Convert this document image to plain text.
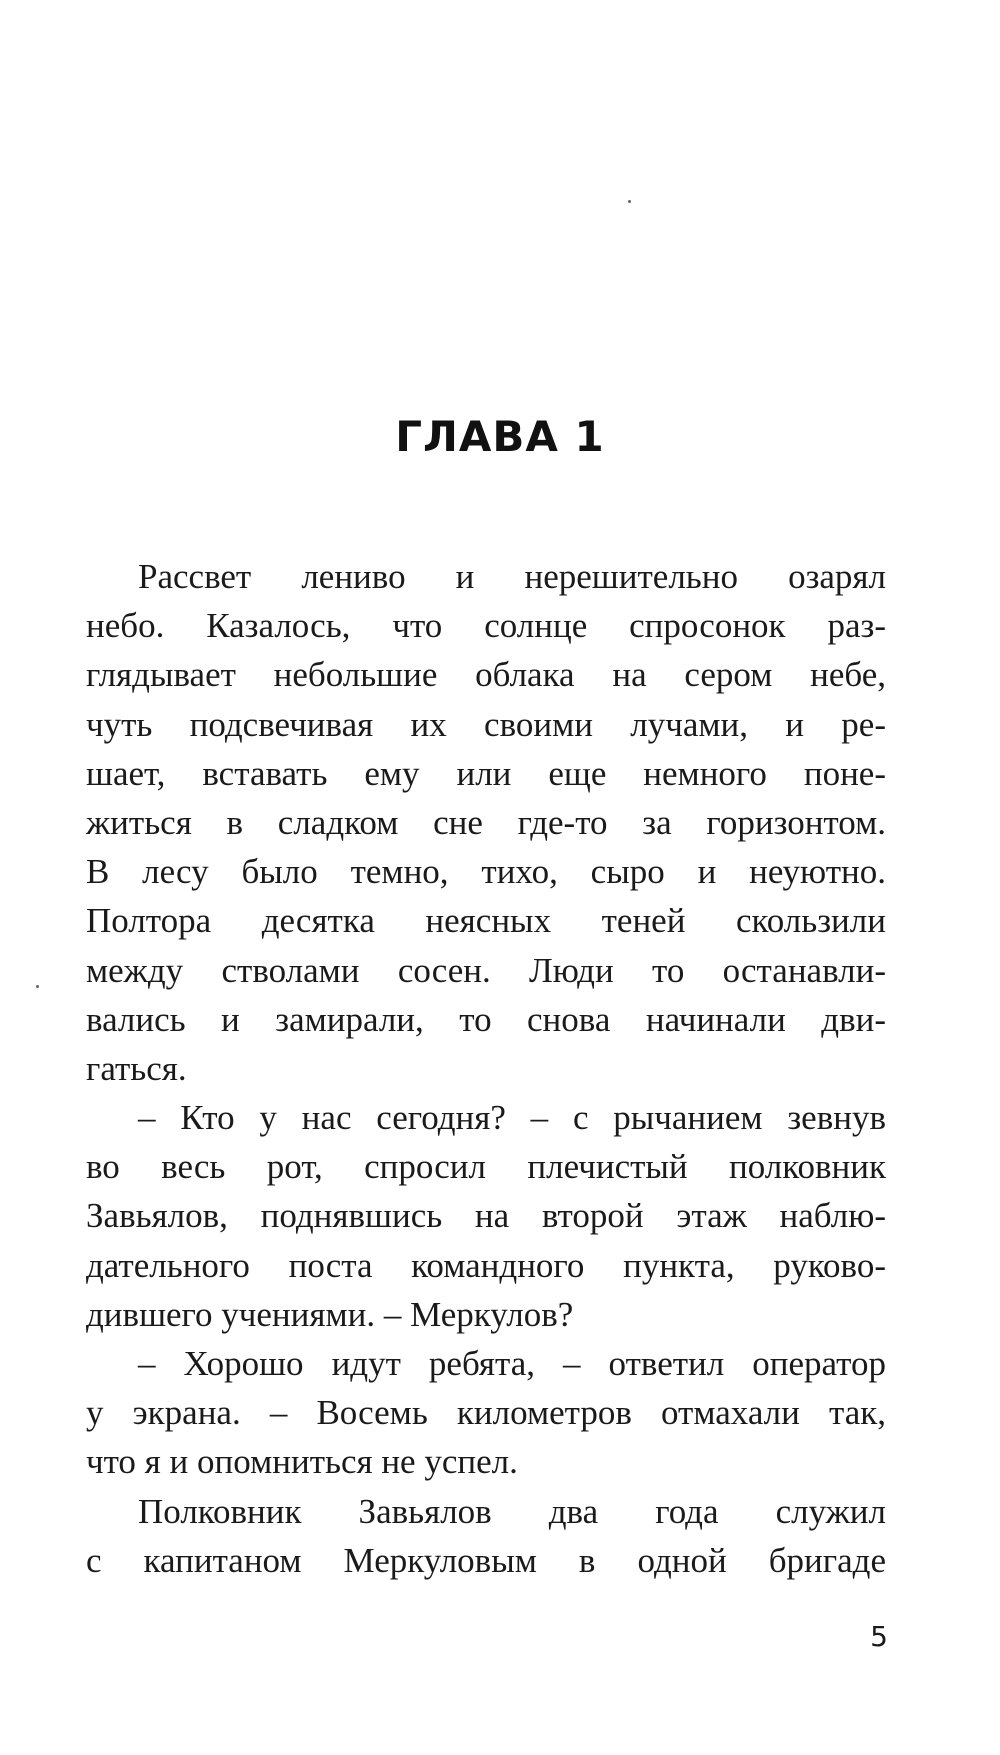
ГЛАВА 1
Рассвет лениво и нерешительно озарял
небо. Казалось, что солнце спросонок раз-
глядывает небольшие облака на сером небе,
чуть подсвечивая их своими лучами, и ре-
шает, вставать ему или еще немного поне-
житься в сладком сне где-то за горизонтом.
В лесу было темно, тихо, сыро и неуютно.
Полтора десятка неясных теней скользили
между стволами сосен. Люди то останавли-
вались и замирали, то снова начинали дви-
гаться.
– Кто у нас сегодня? – с рычанием зевнув
во весь рот, спросил плечистый полковник
Завьялов, поднявшись на второй этаж наблю-
дательного поста командного пункта, руково-
дившего учениями. – Меркулов?
– Хорошо идут ребята, – ответил оператор
у экрана. – Восемь километров отмахали так,
что я и опомниться не успел.
Полковник Завьялов два года служил
с капитаном Меркуловым в одной бригаде
5
